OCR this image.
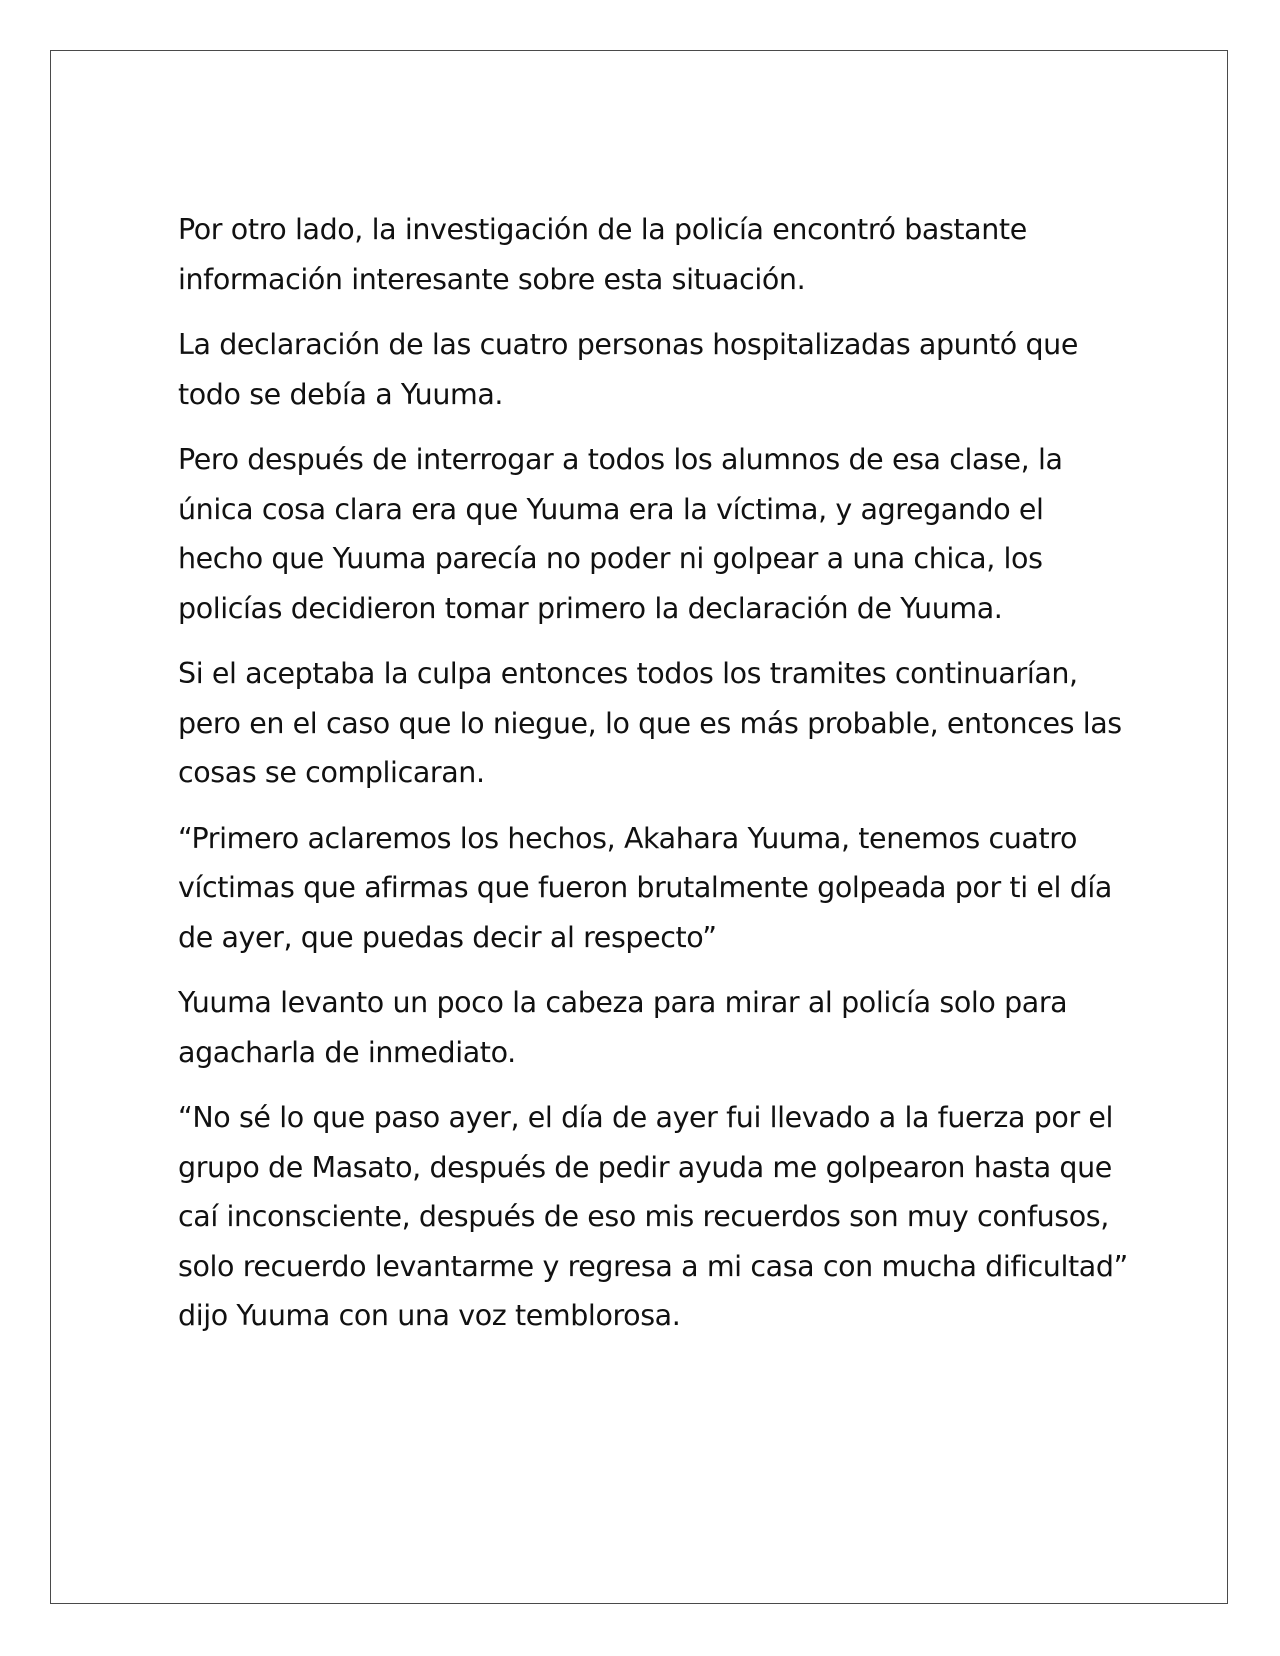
Por otro lado, la investigación de la policía encontró bastante información interesante sobre esta situación.

La declaración de las cuatro personas hospitalizadas apuntó que todo se debía a Yuuma.

Pero después de interrogar a todos los alumnos de esa clase, la única cosa clara era que Yuuma era la víctima, y agregando el hecho que Yuuma parecía no poder ni golpear a una chica, los policías decidieron tomar primero la declaración de Yuuma.

Si el aceptaba la culpa entonces todos los tramites continuarían, pero en el caso que lo niegue, lo que es más probable, entonces las cosas se complicaran.

“Primero aclaremos los hechos, Akahara Yuuma, tenemos cuatro víctimas que afirmas que fueron brutalmente golpeada por ti el día de ayer, que puedas decir al respecto”

Yuuma levanto un poco la cabeza para mirar al policía solo para agacharla de inmediato.

“No sé lo que paso ayer, el día de ayer fui llevado a la fuerza por el grupo de Masato, después de pedir ayuda me golpearon hasta que caí inconsciente, después de eso mis recuerdos son muy confusos, solo recuerdo levantarme y regresa a mi casa con mucha dificultad” dijo Yuuma con una voz temblorosa.
